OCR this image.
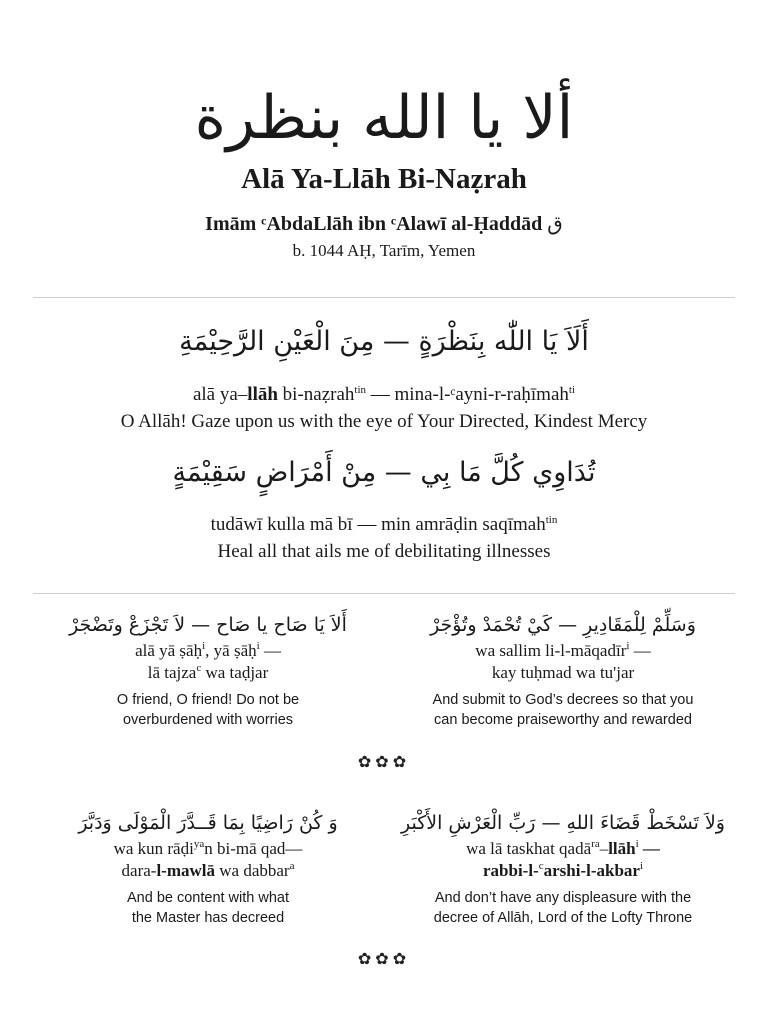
ألا يا الله بنظرة
Alā Ya-Llāh Bi-Naẓrah
Imām ᶜAbdaLlāh ibn ᶜAlawī al-Ḥaddād ق
b. 1044 AḤ, Tarīm, Yemen
أَلَاَ يَا اللّٰه بِنَظْرَةٍ — مِنَ الْعَيْنِ الرَّحِيْمَةِ
alā ya–llāh bi-naẓrah$^{tin}$ — mina-l-ᶜayni-r-raḥīmah$^{ti}$
O Allāh! Gaze upon us with the eye of Your Directed, Kindest Mercy
تُدَاوِي كُلَّ مَا بِي — مِنْ أَمْرَاضٍ سَقِيْمَةٍ
tudāwī kulla mā bī — min amrāḍin saqīmah$^{tin}$
Heal all that ails me of debilitating illnesses
وَسَلِّمْ لِلْمَقَادِيرِ — كَيْ تُحْمَدْ وتُؤْجَرْ
wa sallim li-l-māqadīr$^i$ —
kay tuḥmad wa tu'jar
And submit to God’s decrees so that you
can become praiseworthy and rewarded
أَلاَ يَا صَاح يا صَاح — لاَ تَجْزَعْ وتَضْجَرْ
alā yā ṣāḥ$^i$, yā ṣāḥ$^i$ —
lā tajza$^c$ wa taḍjar
O friend, O friend! Do not be
overburdened with worries
✿✿✿
وَلاَ تَسْخَطْ قَضَاءَ اللهِ — رَبِّ الْعَرْشِ الأَكْبَرِ
wa lā taskhat qadā$^{ra}$–llāh$^i$ —
rabbi-l-$^c$arshi-l-akbar$^i$
And don’t have any displeasure with the
decree of Allāh, Lord of the Lofty Throne
وَ كُنْ رَاضِيًا بِمَا قَــدَّرَ الْمَوْلَى وَدَبَّرَ
wa kun rāḍi$^{ya}$n bi-mā qad—
dara-l-mawlā wa dabbar$^a$
And be content with what
the Master has decreed
✿✿✿
